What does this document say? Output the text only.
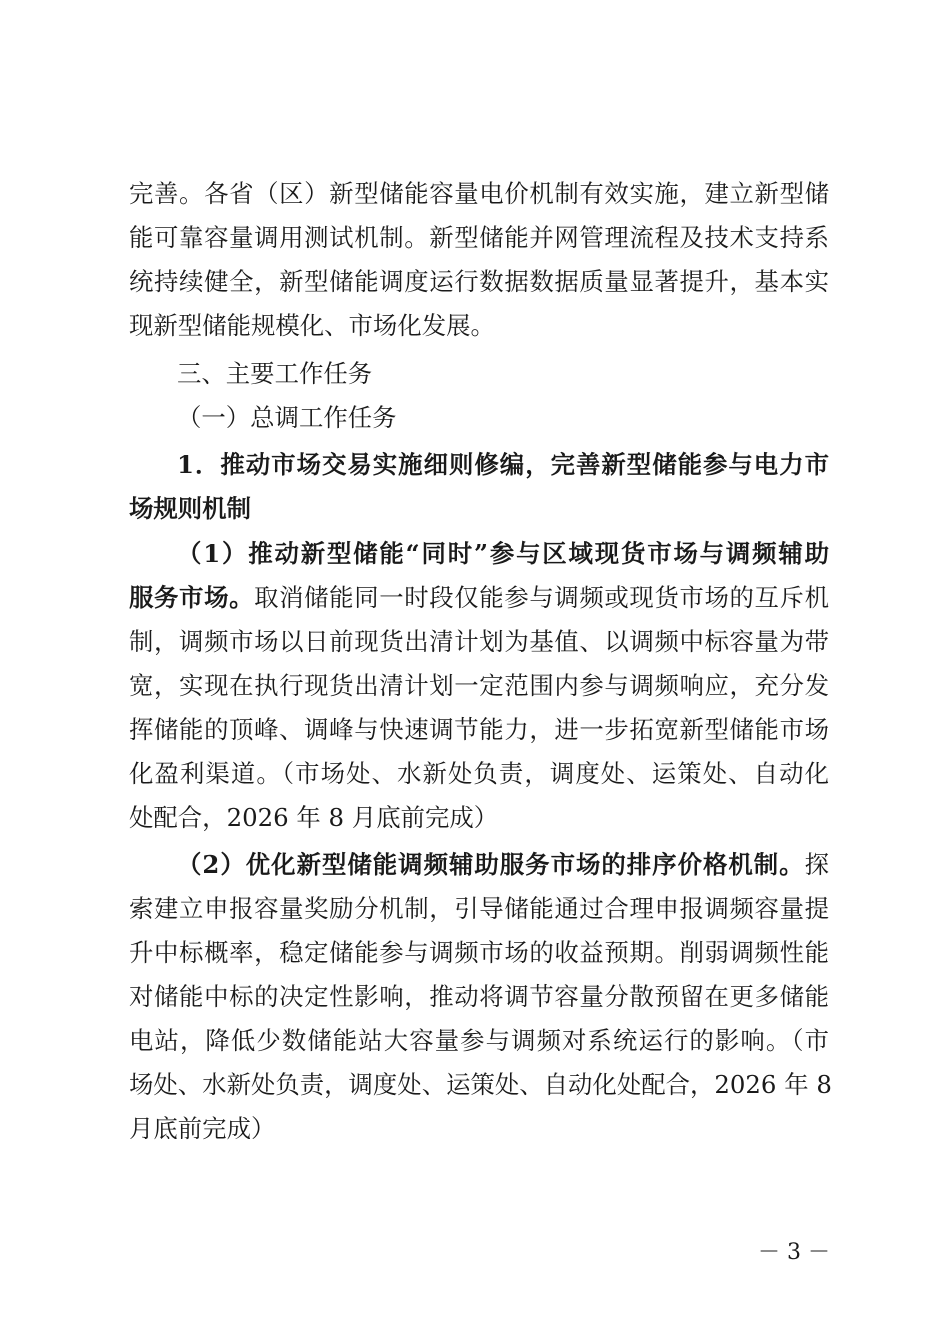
完善。各省（区）新型储能容量电价机制有效实施，建立新型储
能可靠容量调用测试机制。新型储能并网管理流程及技术支持系
统持续健全，新型储能调度运行数据数据质量显著提升，基本实
现新型储能规模化、市场化发展。
三、主要工作任务
（一）总调工作任务
1．推动市场交易实施细则修编，完善新型储能参与电力市
场规则机制
（1）推动新型储能“同时”参与区域现货市场与调频辅助
服务市场。取消储能同一时段仅能参与调频或现货市场的互斥机
制，调频市场以日前现货出清计划为基值、以调频中标容量为带
宽，实现在执行现货出清计划一定范围内参与调频响应，充分发
挥储能的顶峰、调峰与快速调节能力，进一步拓宽新型储能市场
化盈利渠道。（市场处、水新处负责，调度处、运策处、自动化
处配合，2026 年 8 月底前完成）
（2）优化新型储能调频辅助服务市场的排序价格机制。探
索建立申报容量奖励分机制，引导储能通过合理申报调频容量提
升中标概率，稳定储能参与调频市场的收益预期。削弱调频性能
对储能中标的决定性影响，推动将调节容量分散预留在更多储能
电站，降低少数储能站大容量参与调频对系统运行的影响。（市
场处、水新处负责，调度处、运策处、自动化处配合，2026 年 8
月底前完成）
－ 3 －
